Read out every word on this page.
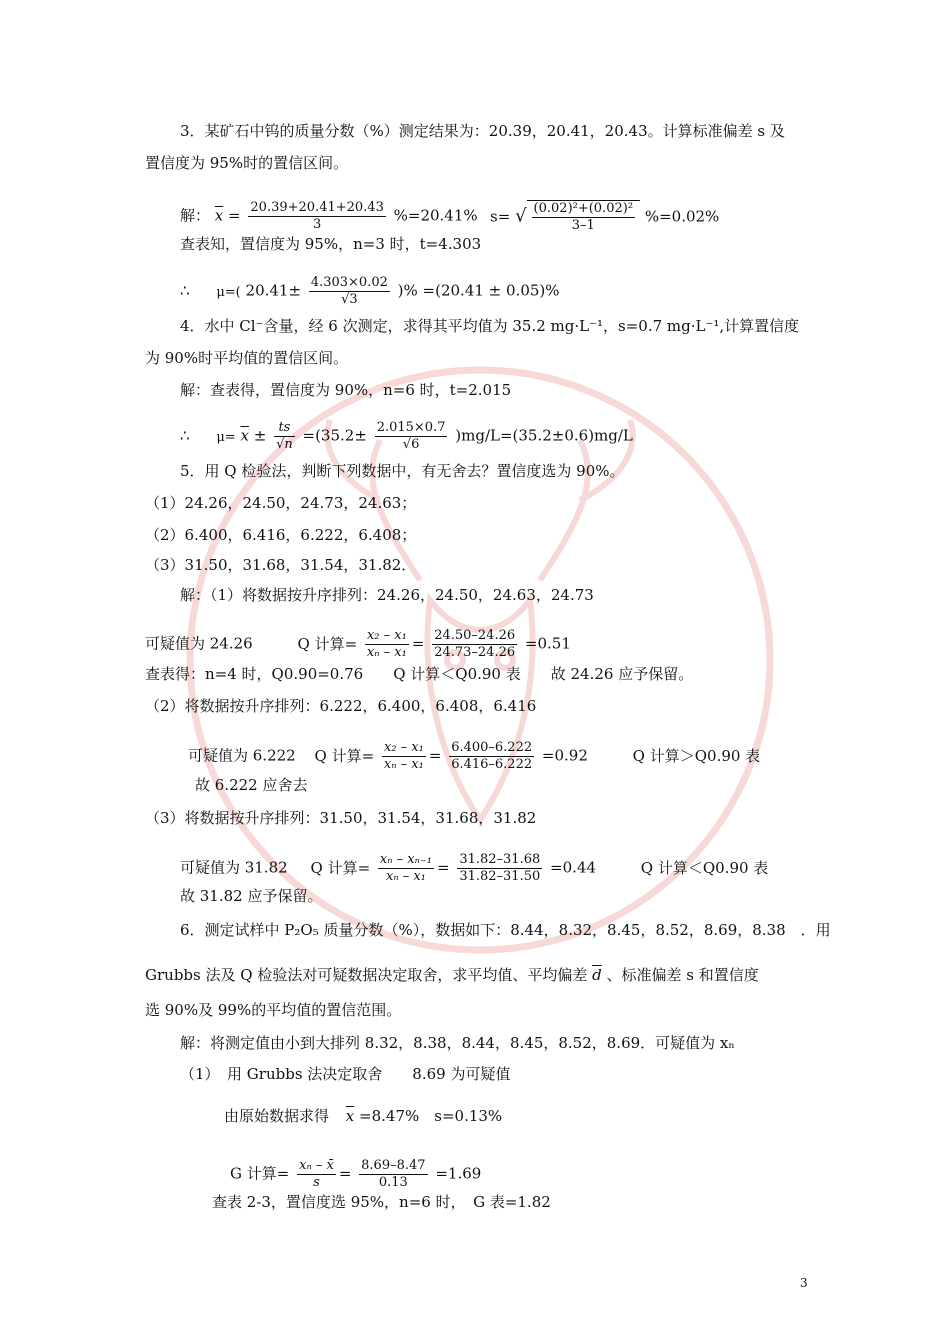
3．某矿石中钨的质量分数（%）测定结果为：20.39，20.41，20.43。计算标准偏差 s 及
置信度为 95%时的置信区间。
解： $\overline{x} = \frac{20.39+20.41+20.43}{3} \%=20.41\%$ s= √ $\frac{\text{(0.02)²+(0.02)²}}{3-1} \%=0.02\%$
查表知，置信度为 95%，n=3 时，t=4.303
∴ μ=( $20.41\pm \frac{4.303\times 0.02}{√3}$ )% =(20.41 ± 0.05)%
4．水中 Cl⁻含量，经 6 次测定，求得其平均值为 35.2 mg·L⁻¹，s=0.7 mg·L⁻¹,计算置信度
为 90%时平均值的置信区间。
解：查表得，置信度为 90%，n=6 时，t=2.015
∴ $\mu= \overline{x} \pm \frac{ts}{√n} =(35.2\pm \frac{2.015\times 0.7}{√6} )mg/L=(35.2\pm 0.6)mg/L$
5．用 Q 检验法，判断下列数据中，有无舍去？置信度选为 90%。
（1）24.26，24.50，24.73，24.63；
（2）6.400，6.416，6.222，6.408；
（3）31.50，31.68，31.54，31.82．
解：（1）将数据按升序排列：24.26，24.50，24.63，24.73
可疑值为 24.26	Q 计算= $\frac{\text{x₂ – x₁}}{\text{xₙ – x₁}} = \frac{24.50-24.26}{24.73-24.26} =0.51$
查表得：n=4 时，Q0.90=0.76　　Q 计算＜Q0.90 表　　故 24.26 应予保留。
（2）将数据按升序排列：6.222，6.400，6.408，6.416
可疑值为 6.222 Q 计算= $\frac{\text{x₂ – x₁}}{\text{xₙ – x₁}} = \frac{6.400-6.222}{6.416-6.222} =0.92$	Q 计算＞Q0.90 表
故 6.222 应舍去
（3）将数据按升序排列：31.50，31.54，31.68，31.82
可疑值为 31.82 Q 计算= $\frac{\text{xₙ – xₙ₋₁}}{\text{xₙ – x₁}} = \frac{31.82-31.68}{31.82-31.50} =0.44$	Q 计算＜Q0.90 表
故 31.82 应予保留。
6．测定试样中 P₂O₅ 质量分数（%），数据如下：8.44，8.32，8.45，8.52，8.69，8.38　．用
Grubbs 法及 Q 检验法对可疑数据决定取舍，求平均值、平均偏差 $\overline{d}$ 、标准偏差 s 和置信度
选 90%及 99%的平均值的置信范围。
解：将测定值由小到大排列 8.32，8.38，8.44，8.45，8.52，8.69．可疑值为 xₙ
（1）　用 Grubbs 法决定取舍　　8.69 为可疑值
由原始数据求得 $\overline{x} =8.47\%$　s=0.13%
G 计算= $\frac{\text{xₙ – x̄}}{s} = \frac{8.69-8.47}{0.13} =1.69$
查表 2-3，置信度选 95%，n=6 时，　G 表=1.82
3
